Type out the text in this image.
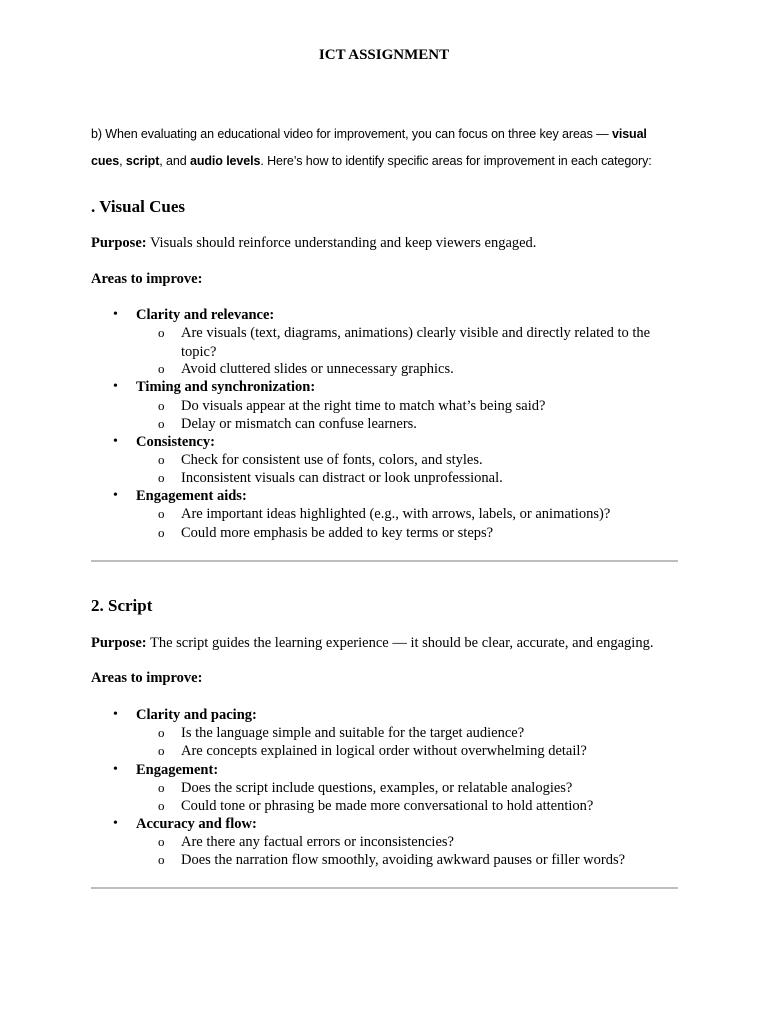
ICT ASSIGNMENT
b) When evaluating an educational video for improvement, you can focus on three key areas — visual
cues, script, and audio levels. Here’s how to identify specific areas for improvement in each category:
. Visual Cues
Purpose: Visuals should reinforce understanding and keep viewers engaged.
Areas to improve:
• Clarity and relevance:
o Are visuals (text, diagrams, animations) clearly visible and directly related to the topic?
o Avoid cluttered slides or unnecessary graphics.
• Timing and synchronization:
o Do visuals appear at the right time to match what’s being said?
o Delay or mismatch can confuse learners.
• Consistency:
o Check for consistent use of fonts, colors, and styles.
o Inconsistent visuals can distract or look unprofessional.
• Engagement aids:
o Are important ideas highlighted (e.g., with arrows, labels, or animations)?
o Could more emphasis be added to key terms or steps?
2. Script
Purpose: The script guides the learning experience — it should be clear, accurate, and engaging.
Areas to improve:
• Clarity and pacing:
o Is the language simple and suitable for the target audience?
o Are concepts explained in logical order without overwhelming detail?
• Engagement:
o Does the script include questions, examples, or relatable analogies?
o Could tone or phrasing be made more conversational to hold attention?
• Accuracy and flow:
o Are there any factual errors or inconsistencies?
o Does the narration flow smoothly, avoiding awkward pauses or filler words?
